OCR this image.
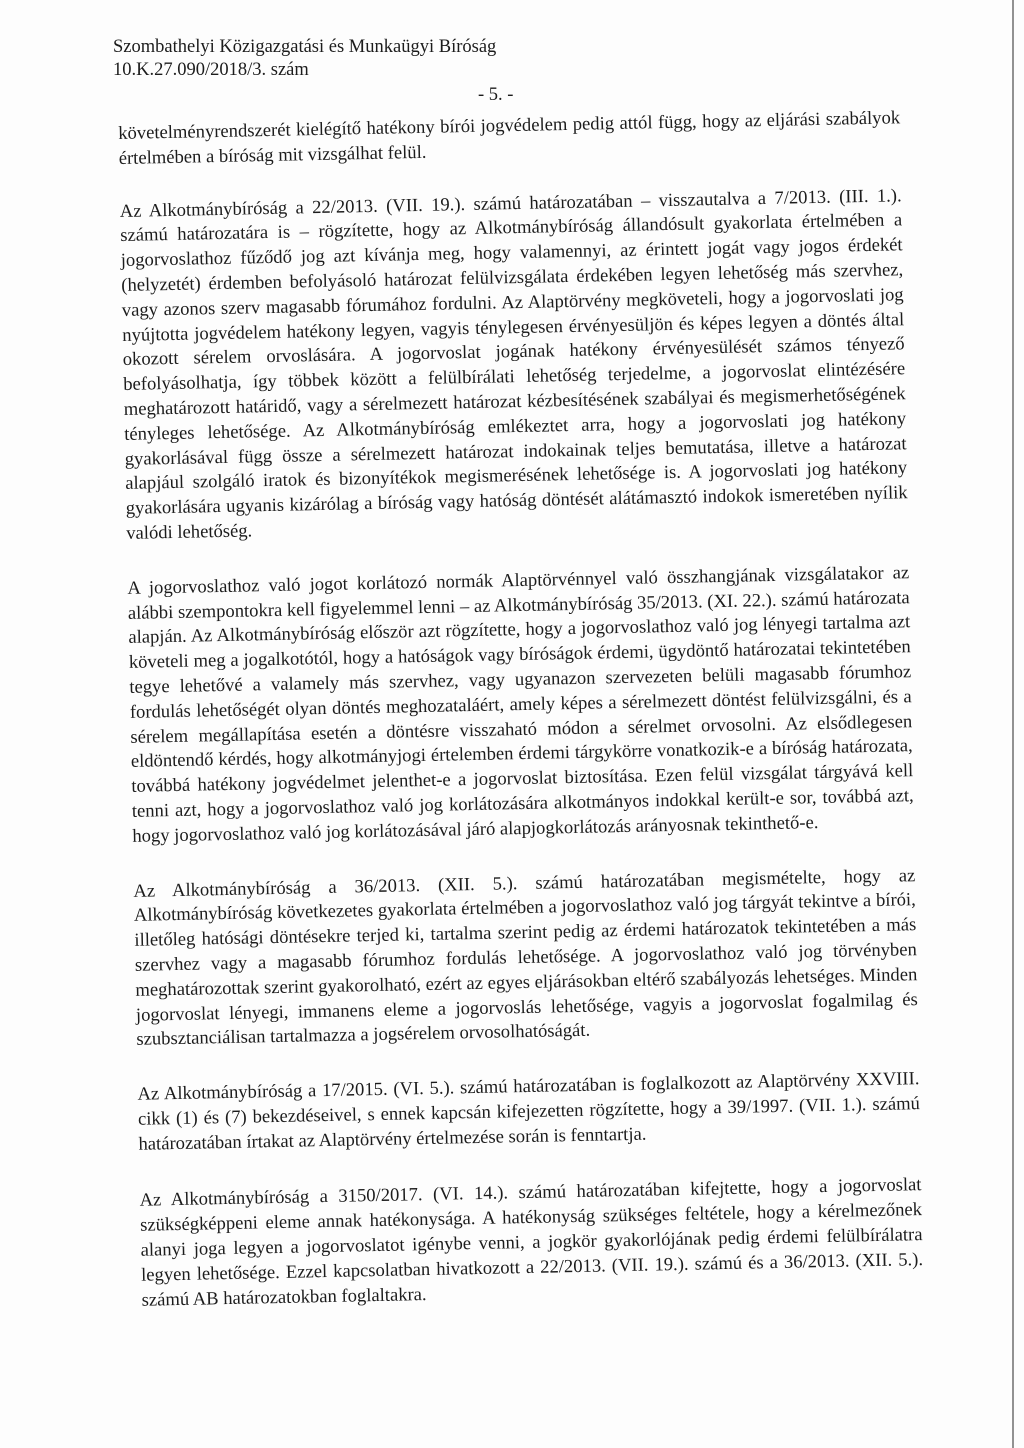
Szombathelyi Közigazgatási és Munkaügyi Bíróság
10.K.27.090/2018/3. szám
- 5. -

követelményrendszerét kielégítő hatékony bírói jogvédelem pedig attól függ, hogy az eljárási szabályok értelmében a bíróság mit vizsgálhat felül.

Az Alkotmánybíróság a 22/2013. (VII. 19.). számú határozatában – visszautalva a 7/2013. (III. 1.). számú határozatára is – rögzítette, hogy az Alkotmánybíróság állandósult gyakorlata értelmében a jogorvoslathoz fűződő jog azt kívánja meg, hogy valamennyi, az érintett jogát vagy jogos érdekét (helyzetét) érdemben befolyásoló határozat felülvizsgálata érdekében legyen lehetőség más szervhez, vagy azonos szerv magasabb fórumához fordulni. Az Alaptörvény megköveteli, hogy a jogorvoslati jog nyújtotta jogvédelem hatékony legyen, vagyis ténylegesen érvényesüljön és képes legyen a döntés által okozott sérelem orvoslására. A jogorvoslat jogának hatékony érvényesülését számos tényező befolyásolhatja, így többek között a felülbírálati lehetőség terjedelme, a jogorvoslat elintézésére meghatározott határidő, vagy a sérelmezett határozat kézbesítésének szabályai és megismerhetőségének tényleges lehetősége. Az Alkotmánybíróság emlékeztet arra, hogy a jogorvoslati jog hatékony gyakorlásával függ össze a sérelmezett határozat indokainak teljes bemutatása, illetve a határozat alapjául szolgáló iratok és bizonyítékok megismerésének lehetősége is. A jogorvoslati jog hatékony gyakorlására ugyanis kizárólag a bíróság vagy hatóság döntését alátámasztó indokok ismeretében nyílik valódi lehetőség.

A jogorvoslathoz való jogot korlátozó normák Alaptörvénnyel való összhangjának vizsgálatakor az alábbi szempontokra kell figyelemmel lenni – az Alkotmánybíróság 35/2013. (XI. 22.). számú határozata alapján. Az Alkotmánybíróság először azt rögzítette, hogy a jogorvoslathoz való jog lényegi tartalma azt követeli meg a jogalkotótól, hogy a hatóságok vagy bíróságok érdemi, ügydöntő határozatai tekintetében tegye lehetővé a valamely más szervhez, vagy ugyanazon szervezeten belüli magasabb fórumhoz fordulás lehetőségét olyan döntés meghozataláért, amely képes a sérelmezett döntést felülvizsgálni, és a sérelem megállapítása esetén a döntésre visszaható módon a sérelmet orvosolni. Az elsődlegesen eldöntendő kérdés, hogy alkotmányjogi értelemben érdemi tárgykörre vonatkozik-e a bíróság határozata, továbbá hatékony jogvédelmet jelenthet-e a jogorvoslat biztosítása. Ezen felül vizsgálat tárgyává kell tenni azt, hogy a jogorvoslathoz való jog korlátozására alkotmányos indokkal került-e sor, továbbá azt, hogy jogorvoslathoz való jog korlátozásával járó alapjogkorlátozás arányosnak tekinthető-e.

Az Alkotmánybíróság a 36/2013. (XII. 5.). számú határozatában megismételte, hogy az Alkotmánybíróság következetes gyakorlata értelmében a jogorvoslathoz való jog tárgyát tekintve a bírói, illetőleg hatósági döntésekre terjed ki, tartalma szerint pedig az érdemi határozatok tekintetében a más szervhez vagy a magasabb fórumhoz fordulás lehetősége. A jogorvoslathoz való jog törvényben meghatározottak szerint gyakorolható, ezért az egyes eljárásokban eltérő szabályozás lehetséges. Minden jogorvoslat lényegi, immanens eleme a jogorvoslás lehetősége, vagyis a jogorvoslat fogalmilag és szubsztanciálisan tartalmazza a jogsérelem orvosolhatóságát.

Az Alkotmánybíróság a 17/2015. (VI. 5.). számú határozatában is foglalkozott az Alaptörvény XXVIII. cikk (1) és (7) bekezdéseivel, s ennek kapcsán kifejezetten rögzítette, hogy a 39/1997. (VII. 1.). számú határozatában írtakat az Alaptörvény értelmezése során is fenntartja.

Az Alkotmánybíróság a 3150/2017. (VI. 14.). számú határozatában kifejtette, hogy a jogorvoslat szükségképpeni eleme annak hatékonysága. A hatékonyság szükséges feltétele, hogy a kérelmezőnek alanyi joga legyen a jogorvoslatot igénybe venni, a jogkör gyakorlójának pedig érdemi felülbírálatra legyen lehetősége. Ezzel kapcsolatban hivatkozott a 22/2013. (VII. 19.). számú és a 36/2013. (XII. 5.). számú AB határozatokban foglaltakra.
